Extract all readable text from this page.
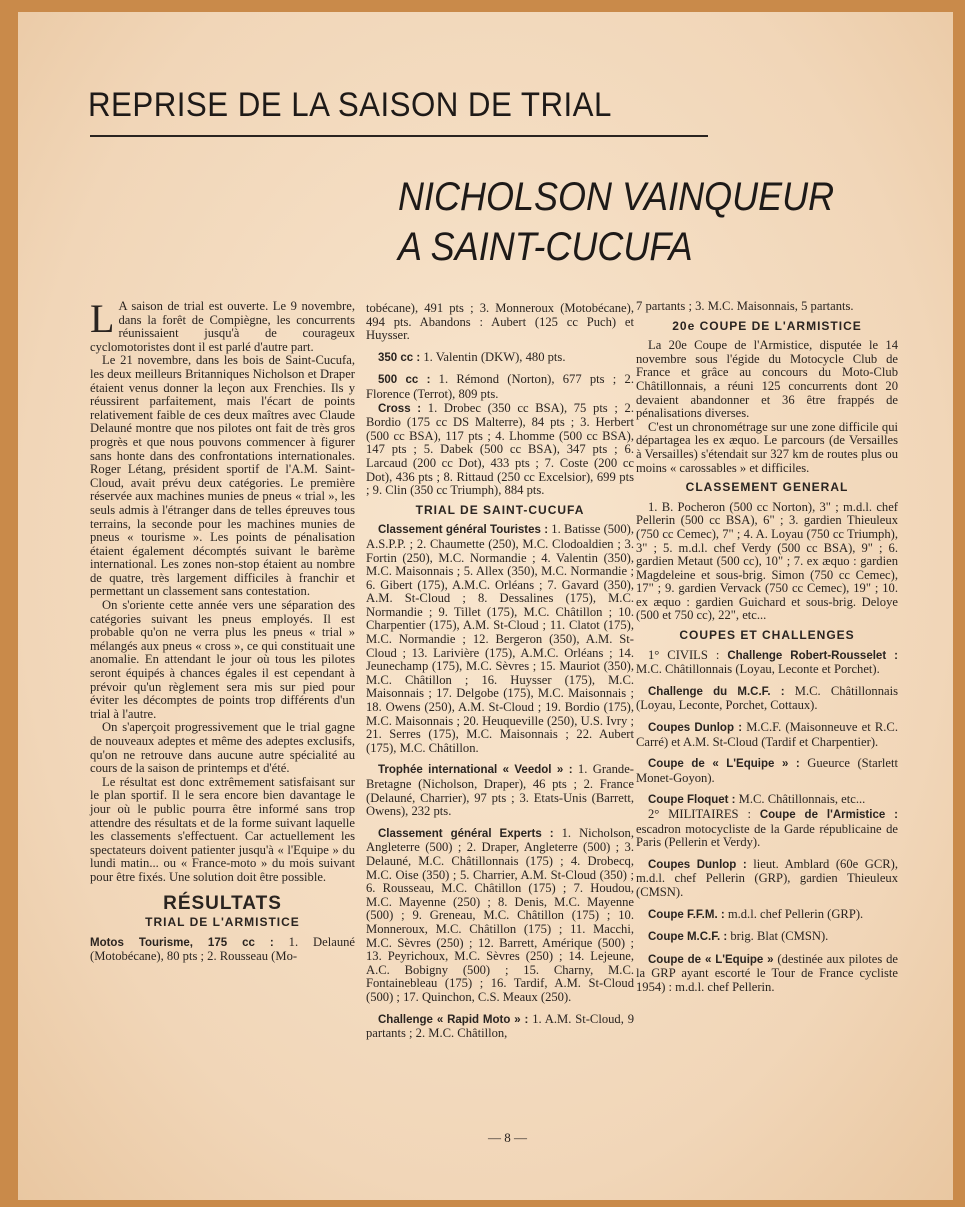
REPRISE DE LA SAISON DE TRIAL
NICHOLSON VAINQUEUR
A SAINT-CUCUFA

L A saison de trial est ouverte. Le 9 novembre, dans la forêt de Compiègne, les concurrents réunissaient jusqu'à de courageux cyclomotoristes dont il est parlé d'autre part.

Le 21 novembre, dans les bois de Saint-Cucufa, les deux meilleurs Britanniques Nicholson et Draper étaient venus donner la leçon aux Frenchies. Ils y réussirent parfaitement, mais l'écart de points relativement faible de ces deux maîtres avec Claude Delauné montre que nos pilotes ont fait de très gros progrès et que nous pouvons commencer à figurer sans honte dans des confrontations internationales. Roger Létang, président sportif de l'A.M. Saint-Cloud, avait prévu deux catégories. Le première réservée aux machines munies de pneus « trial », les seuls admis à l'étranger dans de telles épreuves tous terrains, la seconde pour les machines munies de pneus « tourisme ». Les points de pénalisation étaient également décomptés suivant le barème international. Les zones non-stop étaient au nombre de quatre, très largement difficiles à franchir et permettant un classement sans contestation.

On s'oriente cette année vers une séparation des catégories suivant les pneus employés. Il est probable qu'on ne verra plus les pneus « trial » mélangés aux pneus « cross », ce qui constituait une anomalie. En attendant le jour où tous les pilotes seront équipés à chances égales il est cependant à prévoir qu'un règlement sera mis sur pied pour éviter les décomptes de points trop différents d'un trial à l'autre.

On s'aperçoit progressivement que le trial gagne de nouveaux adeptes et même des adeptes exclusifs, qu'on ne retrouve dans aucune autre spécialité au cours de la saison de printemps et d'été.

Le résultat est donc extrêmement satisfaisant sur le plan sportif. Il le sera encore bien davantage le jour où le public pourra être informé sans trop attendre des résultats et de la forme suivant laquelle les classements s'effectuent. Car actuellement les spectateurs doivent patienter jusqu'à « l'Equipe » du lundi matin... ou « France-moto » du mois suivant pour être fixés. Une solution doit être possible.

RÉSULTATS
TRIAL DE L'ARMISTICE

Motos Tourisme, 175 cc : 1. Delauné (Motobécane), 80 pts ; 2. Rousseau (Mo-

tobécane), 491 pts ; 3. Monneroux (Motobécane), 494 pts. Abandons : Aubert (125 cc Puch) et Huysser.

350 cc : 1. Valentin (DKW), 480 pts.

500 cc : 1. Rémond (Norton), 677 pts ; 2. Florence (Terrot), 809 pts.

Cross : 1. Drobec (350 cc BSA), 75 pts ; 2. Bordio (175 cc DS Malterre), 84 pts ; 3. Herbert (500 cc BSA), 117 pts ; 4. Lhomme (500 cc BSA), 147 pts ; 5. Dabek (500 cc BSA), 347 pts ; 6. Larcaud (200 cc Dot), 433 pts ; 7. Coste (200 cc Dot), 436 pts ; 8. Rittaud (250 cc Excelsior), 699 pts ; 9. Clin (350 cc Triumph), 884 pts.

TRIAL DE SAINT-CUCUFA

Classement général Touristes : 1. Batisse (500), A.S.P.P. ; 2. Chaumette (250), M.C. Clodoaldien ; 3. Fortin (250), M.C. Normandie ; 4. Valentin (350), M.C. Maisonnais ; 5. Allex (350), M.C. Normandie ; 6. Gibert (175), A.M.C. Orléans ; 7. Gavard (350), A.M. St-Cloud ; 8. Dessalines (175), M.C. Normandie ; 9. Tillet (175), M.C. Châtillon ; 10. Charpentier (175), A.M. St-Cloud ; 11. Clatot (175), M.C. Normandie ; 12. Bergeron (350), A.M. St-Cloud ; 13. Larivière (175), A.M.C. Orléans ; 14. Jeunechamp (175), M.C. Sèvres ; 15. Mauriot (350), M.C. Châtillon ; 16. Huysser (175), M.C. Maisonnais ; 17. Delgobe (175), M.C. Maisonnais ; 18. Owens (250), A.M. St-Cloud ; 19. Bordio (175), M.C. Maisonnais ; 20. Heuqueville (250), U.S. Ivry ; 21. Serres (175), M.C. Maisonnais ; 22. Aubert (175), M.C. Châtillon.

Trophée international « Veedol » : 1. Grande-Bretagne (Nicholson, Draper), 46 pts ; 2. France (Delauné, Charrier), 97 pts ; 3. Etats-Unis (Barrett, Owens), 232 pts.

Classement général Experts : 1. Nicholson, Angleterre (500) ; 2. Draper, Angleterre (500) ; 3. Delauné, M.C. Châtillonnais (175) ; 4. Drobecq, M.C. Oise (350) ; 5. Charrier, A.M. St-Cloud (350) ; 6. Rousseau, M.C. Châtillon (175) ; 7. Houdou, M.C. Mayenne (250) ; 8. Denis, M.C. Mayenne (500) ; 9. Greneau, M.C. Châtillon (175) ; 10. Monneroux, M.C. Châtillon (175) ; 11. Macchi, M.C. Sèvres (250) ; 12. Barrett, Amérique (500) ; 13. Peyrichoux, M.C. Sèvres (250) ; 14. Lejeune, A.C. Bobigny (500) ; 15. Charny, M.C. Fontainebleau (175) ; 16. Tardif, A.M. St-Cloud (500) ; 17. Quinchon, C.S. Meaux (250).

Challenge « Rapid Moto » : 1. A.M. St-Cloud, 9 partants ; 2. M.C. Châtillon,

7 partants ; 3. M.C. Maisonnais, 5 partants.

20e COUPE DE L'ARMISTICE

La 20e Coupe de l'Armistice, disputée le 14 novembre sous l'égide du Motocycle Club de France et grâce au concours du Moto-Club Châtillonnais, a réuni 125 concurrents dont 20 devaient abandonner et 36 être frappés de pénalisations diverses.

C'est un chronométrage sur une zone difficile qui départagea les ex æquo. Le parcours (de Versailles à Versailles) s'étendait sur 327 km de routes plus ou moins « carossables » et difficiles.

CLASSEMENT GENERAL

1. B. Pocheron (500 cc Norton), 3" ; m.d.l. chef Pellerin (500 cc BSA), 6" ; 3. gardien Thieuleux (750 cc Cemec), 7" ; 4. A. Loyau (750 cc Triumph), 3" ; 5. m.d.l. chef Verdy (500 cc BSA), 9" ; 6. gardien Metaut (500 cc), 10" ; 7. ex æquo : gardien Magdeleine et sous-brig. Simon (750 cc Cemec), 17" ; 9. gardien Vervack (750 cc Cemec), 19" ; 10. ex æquo : gardien Guichard et sous-brig. Deloye (500 et 750 cc), 22", etc...

COUPES ET CHALLENGES

1° CIVILS : Challenge Robert-Rousselet : M.C. Châtillonnais (Loyau, Leconte et Porchet).

Challenge du M.C.F. : M.C. Châtillonnais (Loyau, Leconte, Porchet, Cottaux).

Coupes Dunlop : M.C.F. (Maisonneuve et R.C. Carré) et A.M. St-Cloud (Tardif et Charpentier).

Coupe de « L'Equipe » : Gueurce (Starlett Monet-Goyon).

Coupe Floquet : M.C. Châtillonnais, etc...

2° MILITAIRES : Coupe de l'Armistice : escadron motocycliste de la Garde républicaine de Paris (Pellerin et Verdy).

Coupes Dunlop : lieut. Amblard (60e GCR), m.d.l. chef Pellerin (GRP), gardien Thieuleux (CMSN).

Coupe F.F.M. : m.d.l. chef Pellerin (GRP).

Coupe M.C.F. : brig. Blat (CMSN).

Coupe de « L'Equipe » (destinée aux pilotes de la GRP ayant escorté le Tour de France cycliste 1954) : m.d.l. chef Pellerin.

— 8 —
